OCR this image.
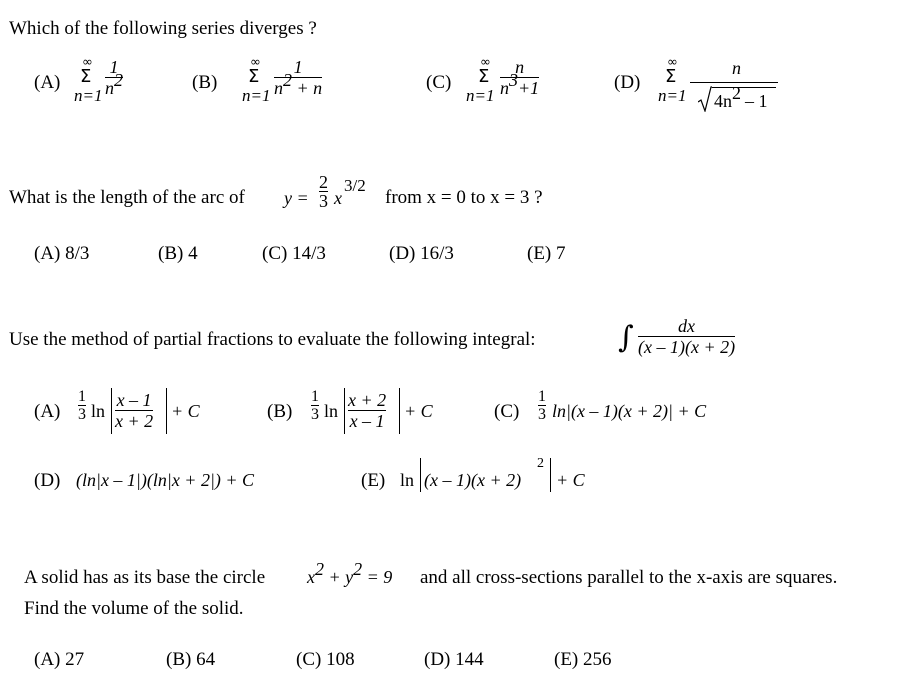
Which of the following series diverges ?
(A)
∞
Σ
n=1
1
$n^2$	(B)
∞
Σ
n=1
1
$n^2 + n$	(C)
∞
Σ
n=1
n
$n^3+1$	(D)
∞
Σ
n=1
n
$4n^2 - 1$
What is the length of the arc of y =
2
3 x
3/2
from x = 0 to x = 3 ?
(A) 8/3	(B) 4	(C) 14/3	(D) 16/3	(E) 7
Use the method of partial fractions to evaluate the following integral:	∫ dx
(x – 1)(x + 2)
(A)
1
3 ln
x – 1
x + 2 + C	(B)
1
3 ln
x + 2
x – 1 + C	(C)
1
3 ln|(x – 1)(x + 2)| + C
(D) (ln|x – 1|)(ln|x + 2|) + C	(E) ln (x – 1)(x + 2)
2
+ C
A solid has as its base the circle $x^2 + y^2 = 9$ and all cross-sections parallel to the x-axis are squares.
Find the volume of the solid.
(A) 27	(B) 64	(C) 108	(D) 144	(E) 256
